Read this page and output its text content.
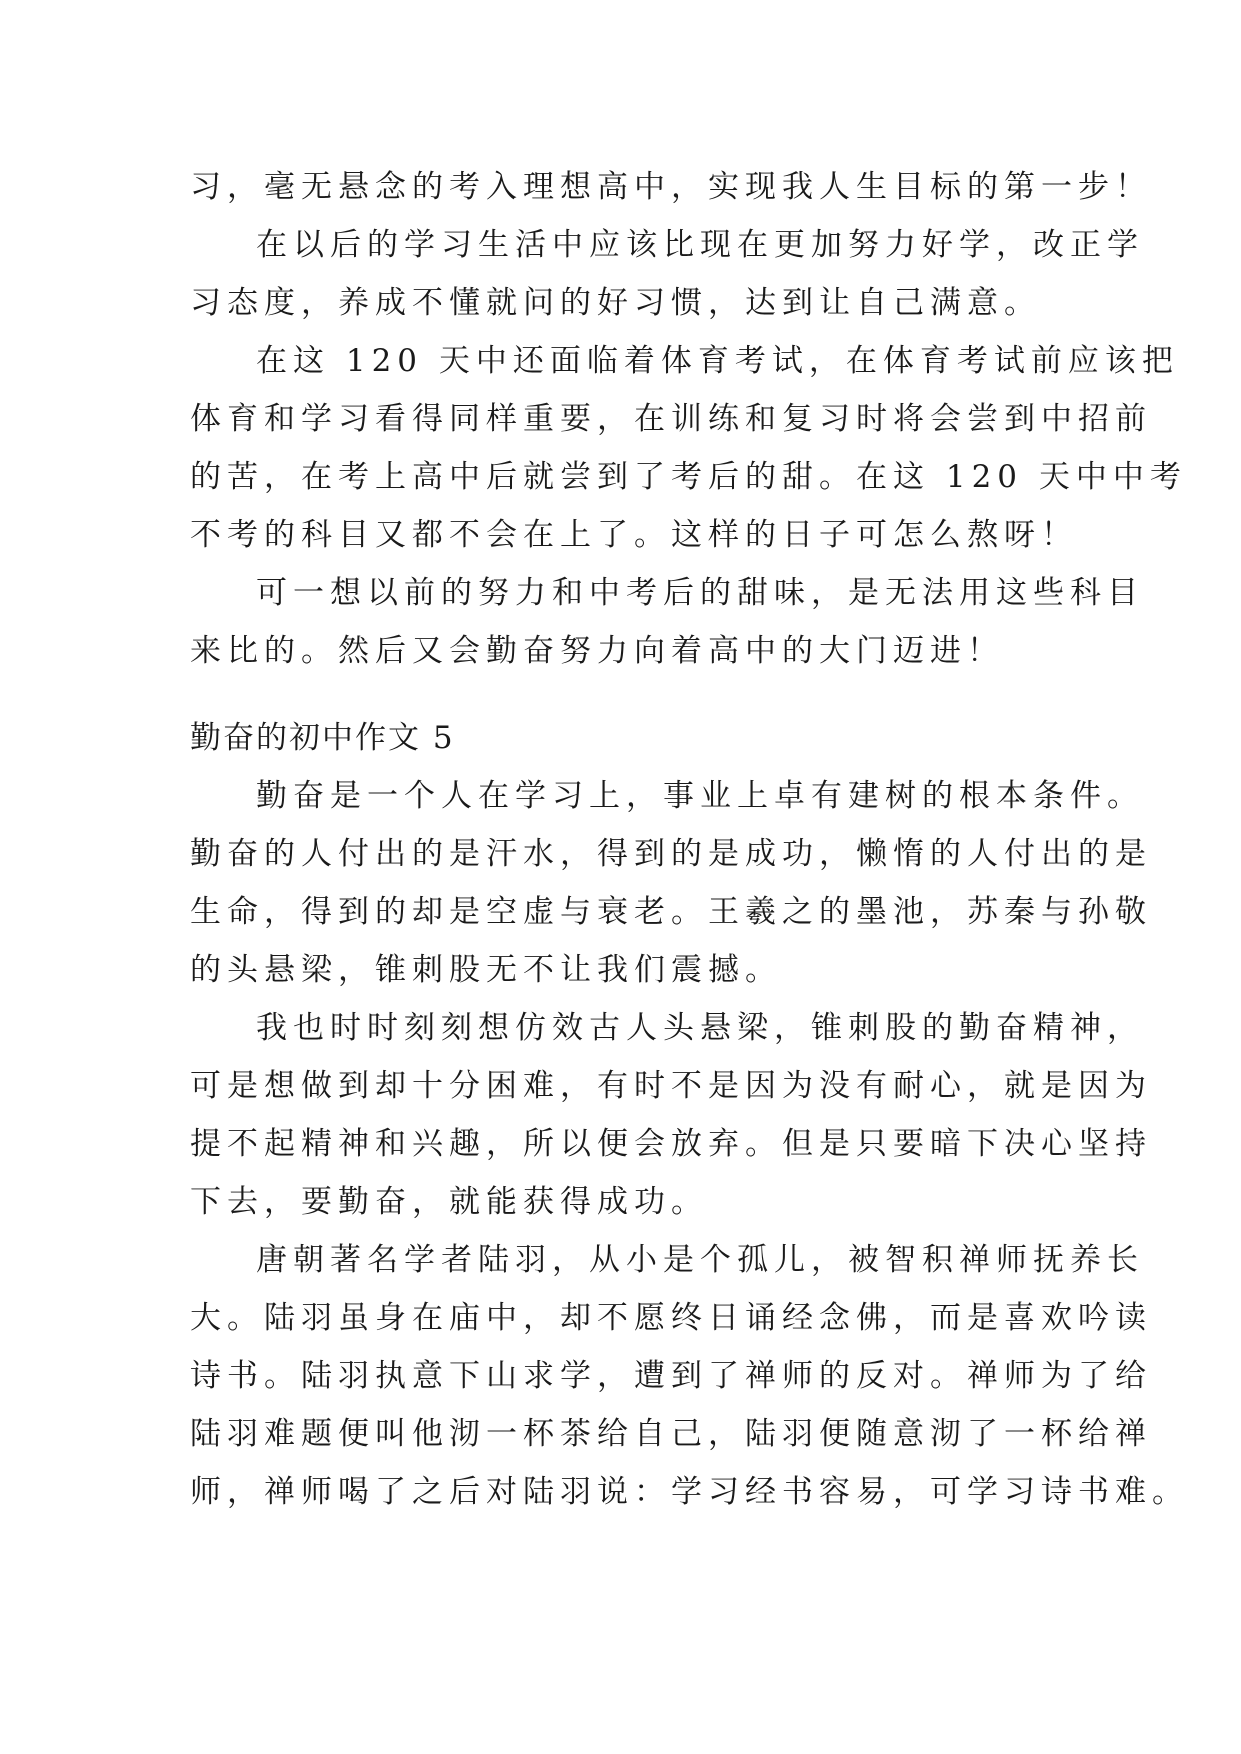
习，毫无悬念的考入理想高中，实现我人生目标的第一步！
在以后的学习生活中应该比现在更加努力好学，改正学
习态度，养成不懂就问的好习惯，达到让自己满意。
在这 120 天中还面临着体育考试，在体育考试前应该把
体育和学习看得同样重要，在训练和复习时将会尝到中招前
的苦，在考上高中后就尝到了考后的甜。在这 120 天中中考
不考的科目又都不会在上了。这样的日子可怎么熬呀！
可一想以前的努力和中考后的甜味，是无法用这些科目
来比的。然后又会勤奋努力向着高中的大门迈进！
勤奋的初中作文 5
勤奋是一个人在学习上，事业上卓有建树的根本条件。
勤奋的人付出的是汗水，得到的是成功，懒惰的人付出的是
生命，得到的却是空虚与衰老。王羲之的墨池，苏秦与孙敬
的头悬梁，锥刺股无不让我们震撼。
我也时时刻刻想仿效古人头悬梁，锥刺股的勤奋精神，
可是想做到却十分困难，有时不是因为没有耐心，就是因为
提不起精神和兴趣，所以便会放弃。但是只要暗下决心坚持
下去，要勤奋，就能获得成功。
唐朝著名学者陆羽，从小是个孤儿，被智积禅师抚养长
大。陆羽虽身在庙中，却不愿终日诵经念佛，而是喜欢吟读
诗书。陆羽执意下山求学，遭到了禅师的反对。禅师为了给
陆羽难题便叫他沏一杯茶给自己，陆羽便随意沏了一杯给禅
师，禅师喝了之后对陆羽说：学习经书容易，可学习诗书难。
